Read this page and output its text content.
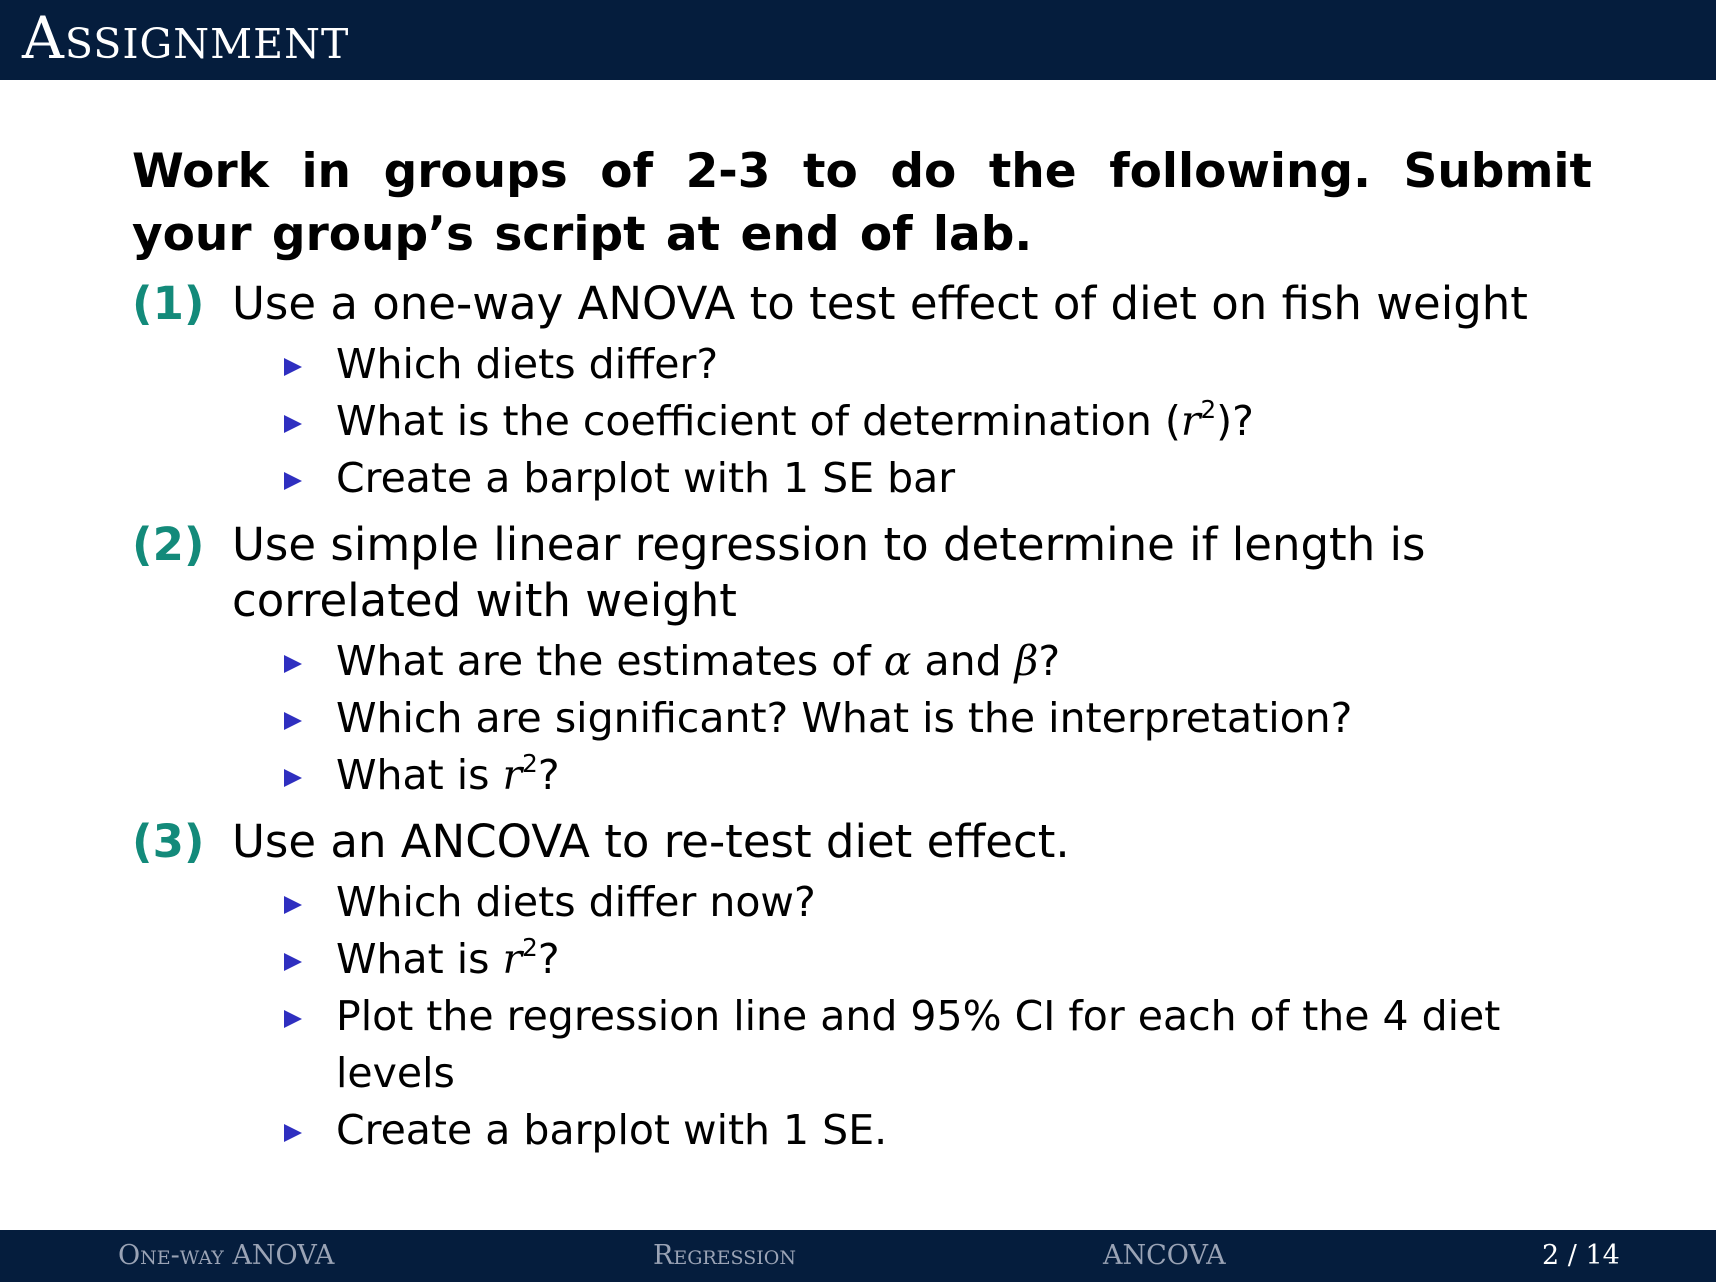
Assignment
Work in groups of 2-3 to do the following. Submit your group’s script at end of lab.
(1) Use a one-way ANOVA to test effect of diet on fish weight
Which diets differ?
What is the coefficient of determination $(r^2)$?
Create a barplot with 1 SE bar
(2) Use simple linear regression to determine if length is correlated with weight
What are the estimates of α and β?
Which are significant? What is the interpretation?
What is $r^2$?
(3) Use an ANCOVA to re-test diet effect.
Which diets differ now?
What is $r^2$?
Plot the regression line and 95% CI for each of the 4 diet levels
Create a barplot with 1 SE.
One-way ANOVA	Regression	ANCOVA	2 / 14
